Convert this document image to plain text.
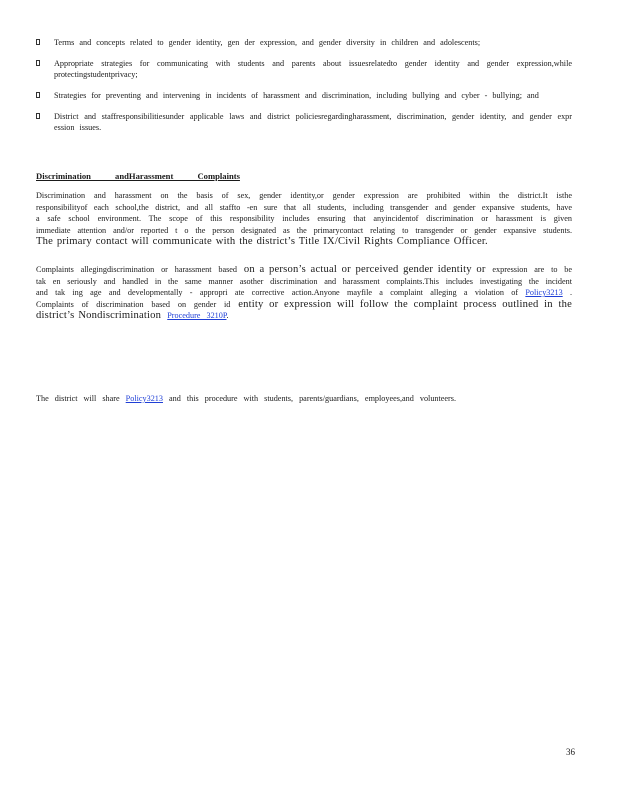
Terms and concepts related to gender identity, gen der expression, and gender diversity in children and adolescents;
Appropriate strategies for communicating with students and parents about issuesrelatedto gender identity and gender expression,while protectingstudentprivacy;
Strategies for preventing and intervening in incidents of harassment and discrimination, including bullying and cyber - bullying; and
District and staffresponsibilitiesunder applicable laws and district policiesregardingharassment, discrimination, gender identity, and gender expr ession issues.
Discrimination andHarassment Complaints

Discrimination and harassment on the basis of sex, gender identity,or gender expression are prohibited within the district.It isthe responsibilityof each school,the district, and all staffto -en sure that all students, including transgender and gender expansive students, have a safe school environment. The scope of this responsibility includes ensuring that anyincidentof discrimination or harassment is given immediate attention and/or reported t o the person designated as the primarycontact relating to transgender or gender expansive students. The primary contact will communicate with the district’s Title IX/Civil Rights Compliance Officer.

Complaints allegingdiscrimination or harassment based on a person’s actual or perceived gender identity or expression are to be tak en seriously and handled in the same manner asother discrimination and harassment complaints.This includes investigating the incident and tak ing age and developmentally - appropri ate corrective action.Anyone mayfile a complaint alleging a violation of Policy3213 . Complaints of discrimination based on gender id entity or expression will follow the complaint process outlined in the district’s Nondiscrimination Procedure 3210P.

The district will share Policy3213 and this procedure with students, parents/guardians, employees,and volunteers.

36
